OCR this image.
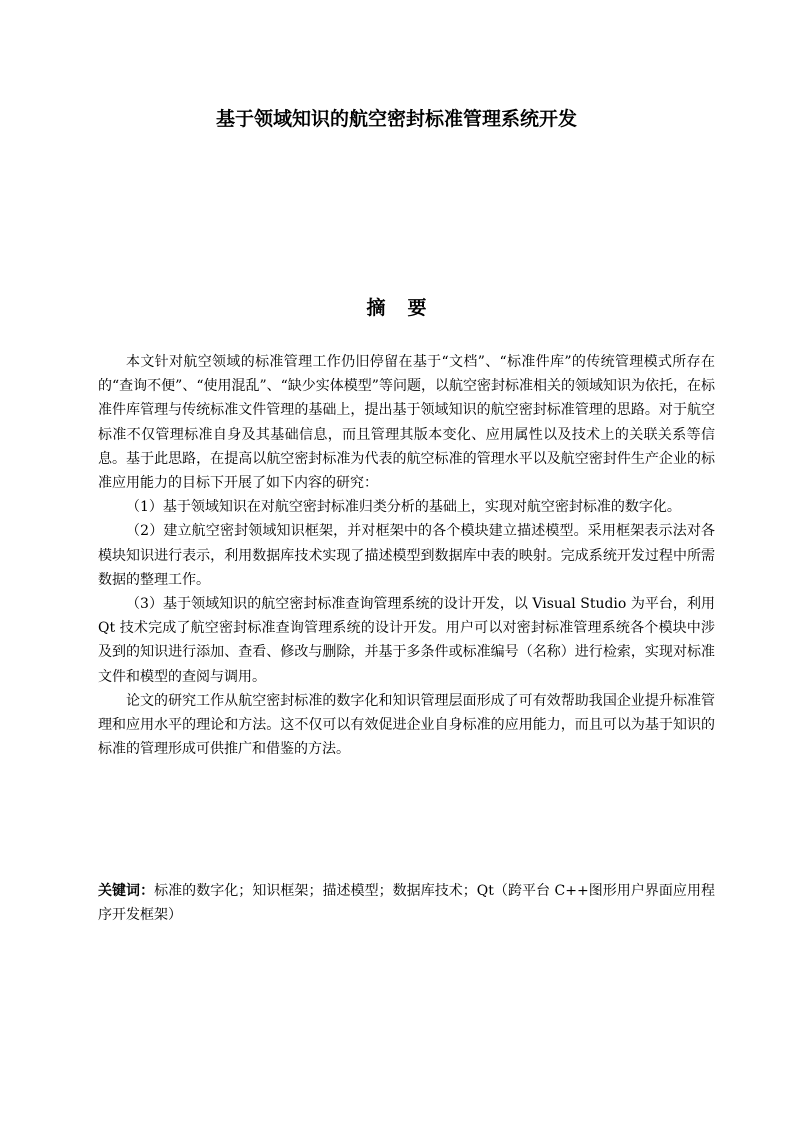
基于领域知识的航空密封标准管理系统开发
摘 要

本文针对航空领域的标准管理工作仍旧停留在基于“文档”、“标准件库”的传统管理模式所存在的“查询不便”、“使用混乱”、“缺少实体模型”等问题，以航空密封标准相关的领域知识为依托，在标准件库管理与传统标准文件管理的基础上，提出基于领域知识的航空密封标准管理的思路。对于航空标准不仅管理标准自身及其基础信息，而且管理其版本变化、应用属性以及技术上的关联关系等信息。基于此思路，在提高以航空密封标准为代表的航空标准的管理水平以及航空密封件生产企业的标准应用能力的目标下开展了如下内容的研究：

（1）基于领域知识在对航空密封标准归类分析的基础上，实现对航空密封标准的数字化。

（2）建立航空密封领域知识框架，并对框架中的各个模块建立描述模型。采用框架表示法对各模块知识进行表示，利用数据库技术实现了描述模型到数据库中表的映射。完成系统开发过程中所需数据的整理工作。

（3）基于领域知识的航空密封标准查询管理系统的设计开发，以 Visual Studio 为平台，利用 Qt 技术完成了航空密封标准查询管理系统的设计开发。用户可以对密封标准管理系统各个模块中涉及到的知识进行添加、查看、修改与删除，并基于多条件或标准编号（名称）进行检索，实现对标准文件和模型的查阅与调用。

论文的研究工作从航空密封标准的数字化和知识管理层面形成了可有效帮助我国企业提升标准管理和应用水平的理论和方法。这不仅可以有效促进企业自身标准的应用能力，而且可以为基于知识的标准的管理形成可供推广和借鉴的方法。

关键词：标准的数字化；知识框架；描述模型；数据库技术；Qt（跨平台 C++图形用户界面应用程序开发框架）
